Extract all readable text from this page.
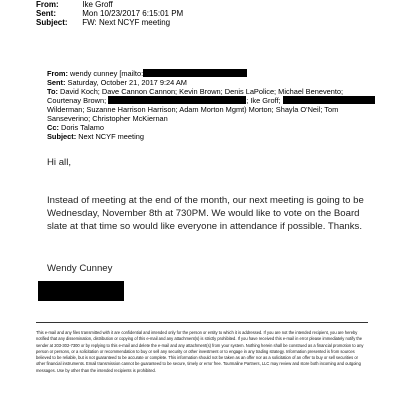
From:	Ike Groff
Sent:	Mon 10/23/2017 6:15:01 PM
Subject: FW: Next NCYF meeting
From: wendy cunney [mailto:
Sent: Saturday, October 21, 2017 9:24 AM
To: David Koch; Dave Cannon Cannon; Kevin Brown; Denis LaPolice; Michael Benevento; Courtenay Brown;	; Ike Groff;  Wilderman; Suzanne Harrison Harrison; Adam Morton Mgmt) Morton; Shayla O'Neil; Tom Sanseverino; Christopher McKiernan
Cc: Doris Talamo
Subject: Next NCYF meeting
Hi all,
Instead of meeting at the end of the month, our next meeting is going to be Wednesday, November 8th at 730PM. We would like to vote on the Board slate at that time so would like everyone in attendance if possible. Thanks.
Wendy Cunney
This e-mail and any files transmitted with it are confidential and intended only for the person or entity to which it is addressed. If you are not the intended recipient, you are hereby notified that any dissemination, distribution or copying of this e-mail and any attachment(s) is strictly prohibited. If you have received this e-mail in error please immediately notify the sender at 203-302-7300 or by replying to this e-mail and delete the e-mail and any attachment(s) from your system. Nothing herein shall be construed as a financial promotion to any person or persons, or a solicitation or recommendation to buy or sell any security or other investment or to engage in any trading strategy. Information presented is from sources believed to be reliable, but is not guaranteed to be accurate or complete. This information should not be taken as an offer nor as a solicitation of an offer to buy or sell securities or other financial instruments. Email transmission cannot be guaranteed to be secure, timely or error free. Tourmaline Partners, LLC may review and store both incoming and outgoing messages. Use by other than the intended recipients is prohibited.
